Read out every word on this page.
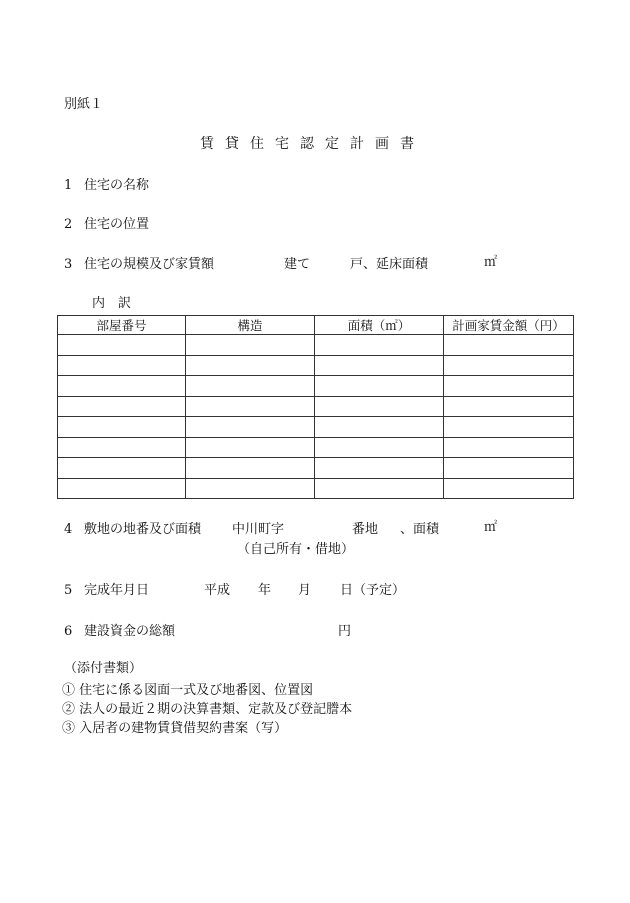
別紙１
賃貸住宅認定計画書
1 住宅の名称
2 住宅の位置
3 住宅の規模及び家賃額	建て	戸、延床面積	㎡
内　訳
部屋番号	構造	面積（㎡）	計画家賃金額（円）

4 敷地の地番及び面積 中川町字	番地 、面積	㎡
（自己所有・借地）
5 完成年月日	平成 年 月 日（予定）
6 建設資金の総額	円
（添付書類）
① 住宅に係る図面一式及び地番図、位置図
② 法人の最近２期の決算書類、定款及び登記謄本
③ 入居者の建物賃貸借契約書案（写）
